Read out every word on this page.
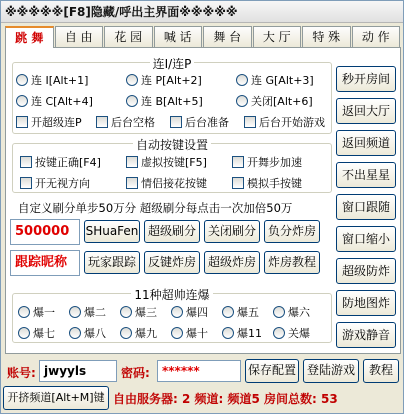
※※※※※[F8]隐藏/呼出主界面※※※※※
跳 舞	自 由	花 园	喊 话	舞 台	大 厅	特 殊	动 作
连I/连P
连 I[Alt+1]	连 P[Alt+2]	连 G[Alt+3]
连 C[Alt+4]	连 B[Alt+5]	关闭[Alt+6]
开超级连P	后台空格	后台准备	后台开始游戏
自动按键设置
按键正确[F4]	虚拟按键[F5]	开舞步加速
开无视方向	情侣接花按键	模拟手按键
自定义刷分单步50万分 超级刷分每点击一次加倍50万
500000	SHuaFen 超级刷分 关闭刷分 负分炸房
跟踪昵称	玩家跟踪 反键炸房 超级炸房 炸房教程
11种超帅连爆
爆一	爆二	爆三	爆四	爆五	爆六
爆七	爆八	爆九	爆十	爆11 关爆
秒开房间
返回大厅
返回频道
不出星星
窗口跟随
窗口缩小
超级防炸
防地图炸
游戏静音
账号: jwyyls	密码:	******	保存配置 登陆游戏	教程
开挤频道[Alt+M]键 自由服务器: 2 频道: 频道5 房间总数: 53
